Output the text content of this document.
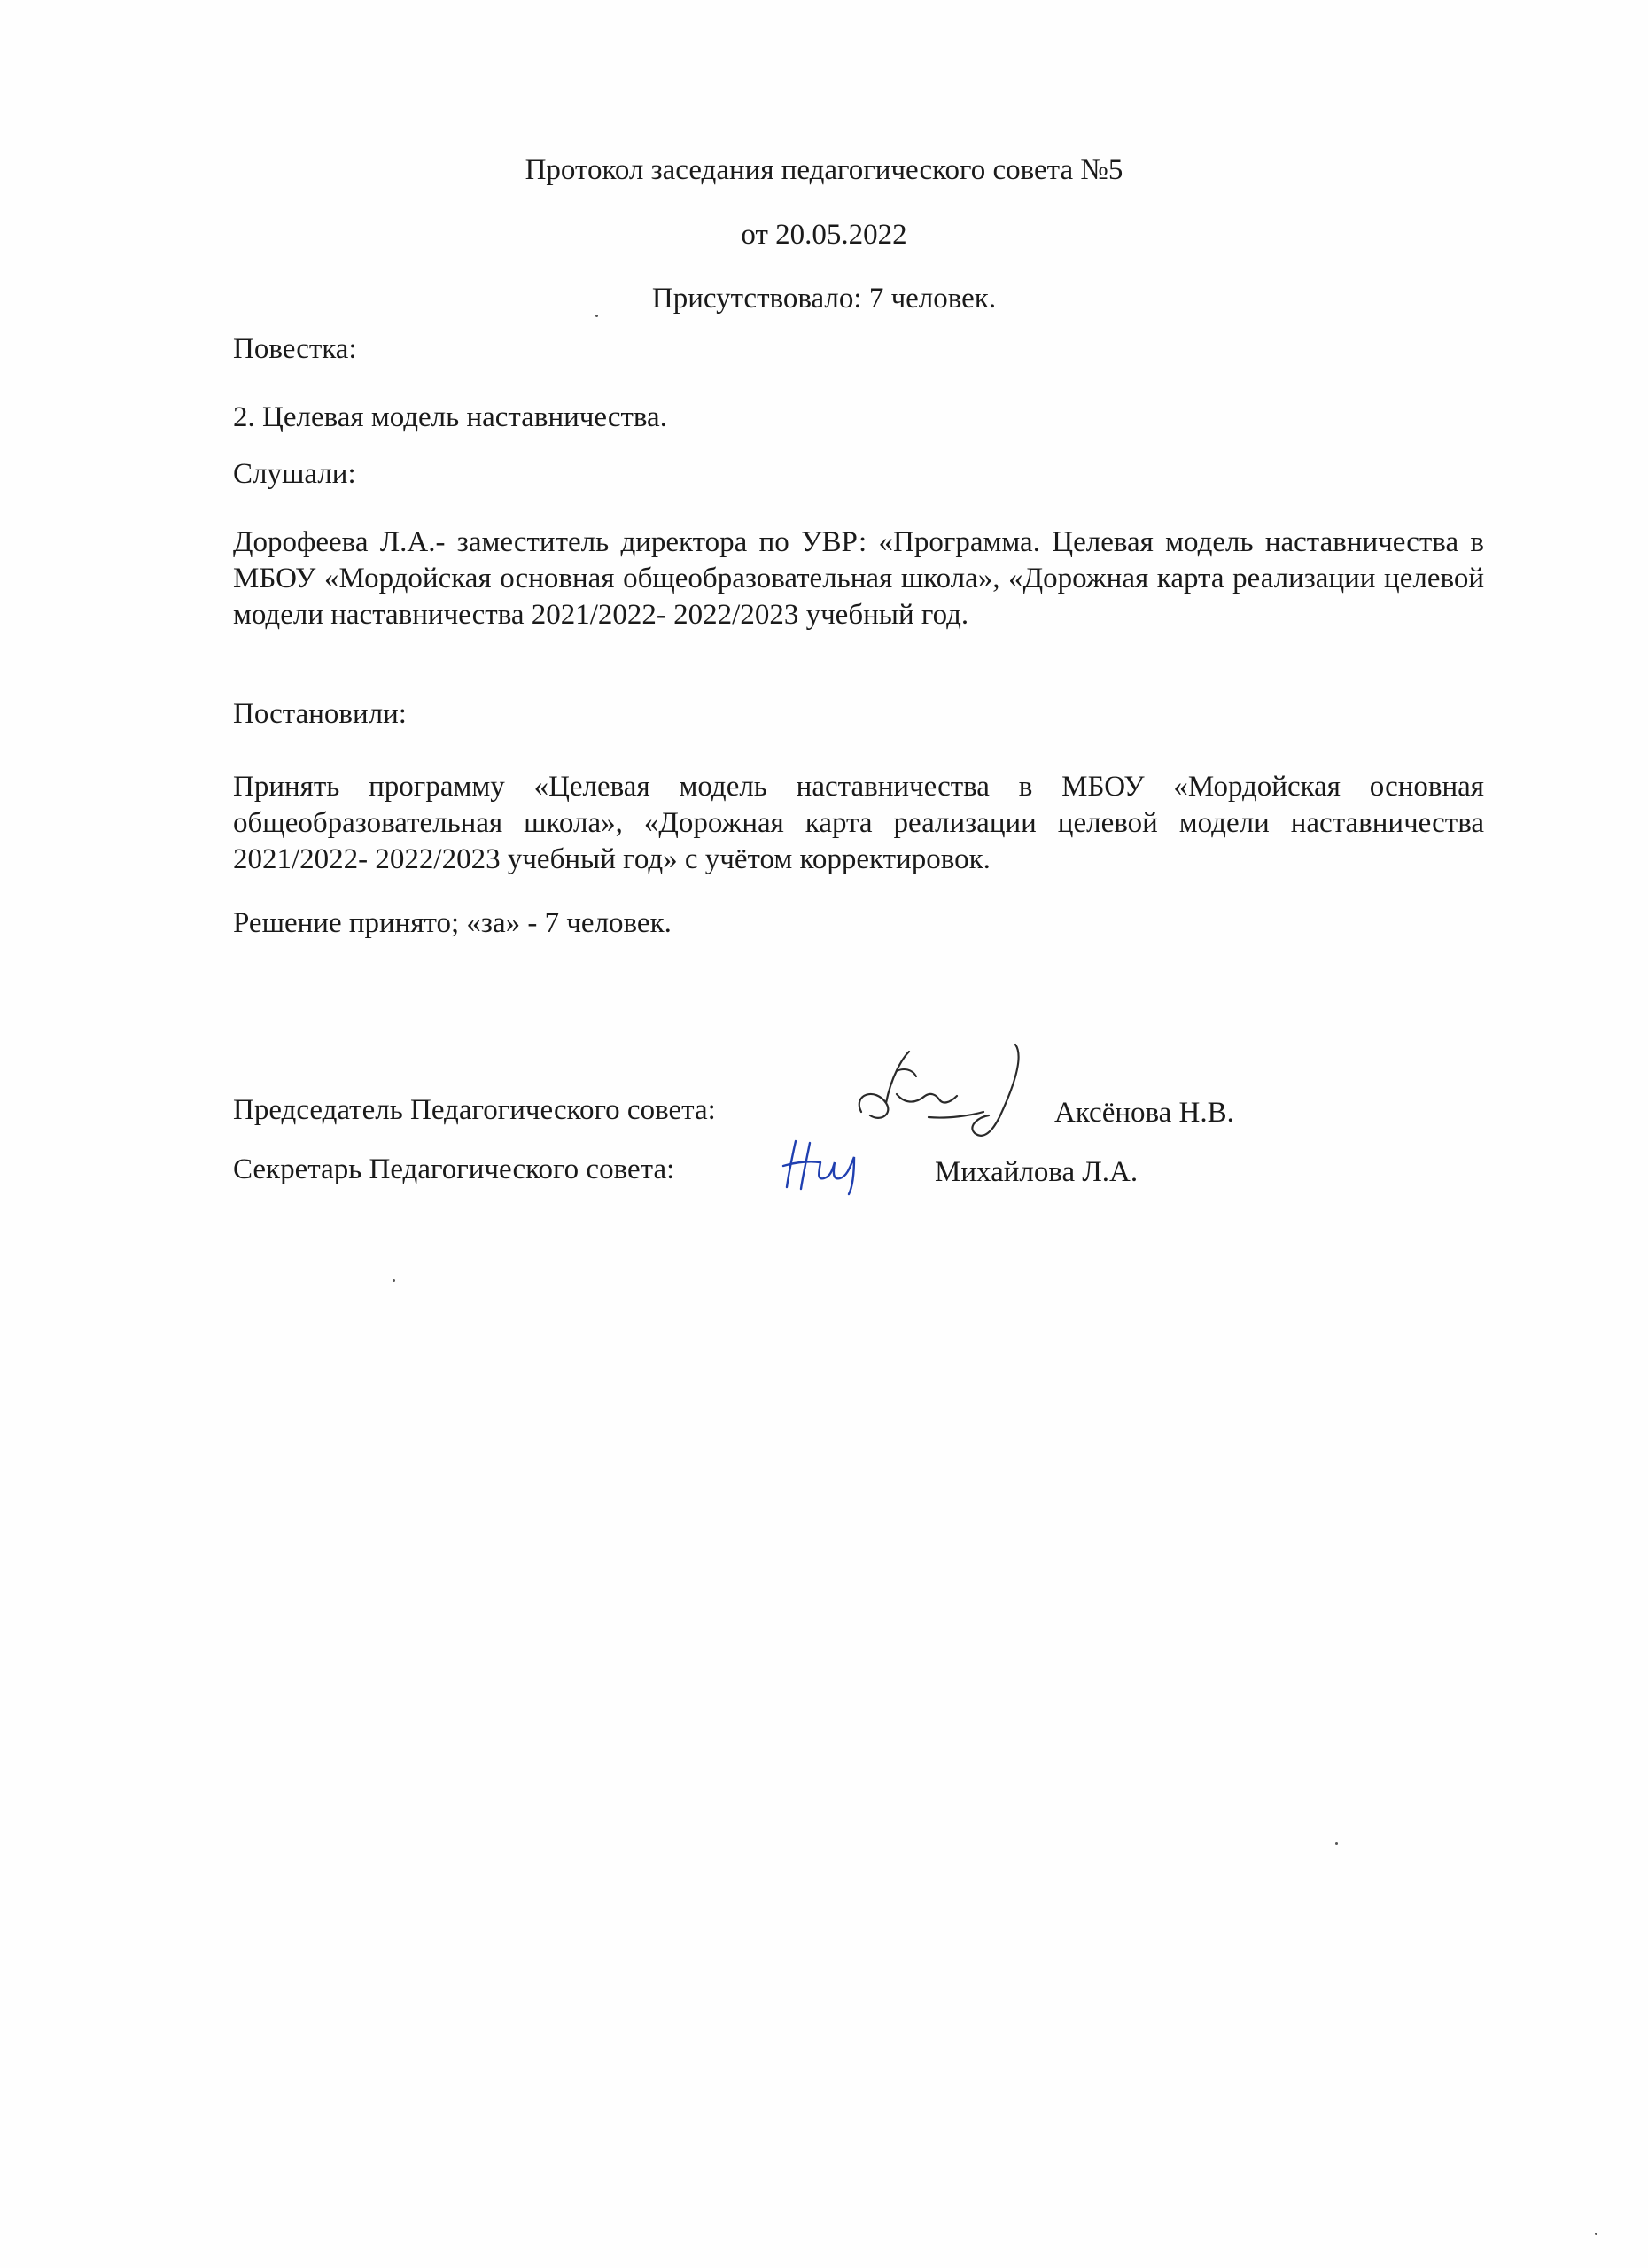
Протокол заседания педагогического совета №5
от 20.05.2022
Присутствовало: 7 человек.
Повестка:
2. Целевая модель наставничества.
Слушали:
Дорофеева Л.А.- заместитель директора по УВР: «Программа. Целевая модель наставничества в МБОУ «Мордойская основная общеобразовательная школа», «Дорожная карта реализации целевой модели наставничества 2021/2022- 2022/2023 учебный год.
Постановили:
Принять программу «Целевая модель наставничества в МБОУ «Мордойская основная общеобразовательная школа», «Дорожная карта реализации целевой модели наставничества 2021/2022- 2022/2023 учебный год» с учётом корректировок.
Решение принято; «за» - 7 человек.
Председатель Педагогического совета:	Аксёнова Н.В.
Секретарь Педагогического совета:	Михайлова Л.А.
